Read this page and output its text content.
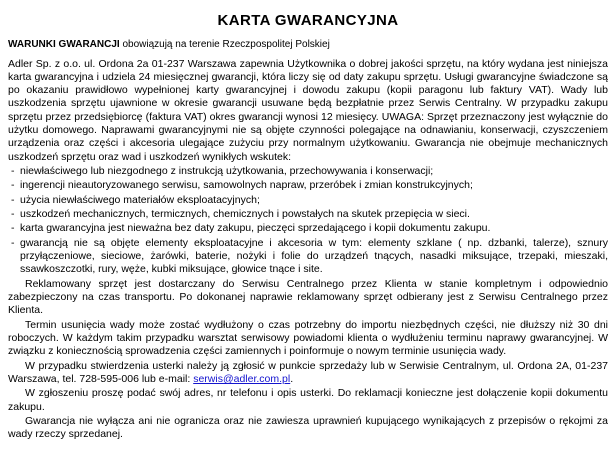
KARTA GWARANCYJNA
WARUNKI GWARANCJI obowiązują na terenie Rzeczpospolitej Polskiej

Adler Sp. z o.o. ul. Ordona 2a 01-237 Warszawa zapewnia Użytkownika o dobrej jakości sprzętu, na który wydana jest niniejsza karta gwarancyjna i udziela 24 miesięcznej gwarancji, która liczy się od daty zakupu sprzętu. Usługi gwarancyjne świadczone są po okazaniu prawidłowo wypełnionej karty gwarancyjnej i dowodu zakupu (kopii paragonu lub faktury VAT). Wady lub uszkodzenia sprzętu ujawnione w okresie gwarancji usuwane będą bezpłatnie przez Serwis Centralny. W przypadku zakupu sprzętu przez przedsiębiorcę (faktura VAT) okres gwarancji wynosi 12 miesięcy. UWAGA: Sprzęt przeznaczony jest wyłącznie do użytku domowego. Naprawami gwarancyjnymi nie są objęte czynności polegające na odnawianiu, konserwacji, czyszczeniem urządzenia oraz części i akcesoria ulegające zużyciu przy normalnym użytkowaniu. Gwarancja nie obejmuje mechanicznych uszkodzeń sprzętu oraz wad i uszkodzeń wynikłych wskutek:

- niewłaściwego lub niezgodnego z instrukcją użytkowania, przechowywania i konserwacji;
- ingerencji nieautoryzowanego serwisu, samowolnych napraw, przeróbek i zmian konstrukcyjnych;
- użycia niewłaściwego materiałów eksploatacyjnych;
- uszkodzeń mechanicznych, termicznych, chemicznych i powstałych na skutek przepięcia w sieci.
- karta gwarancyjna jest nieważna bez daty zakupu, pieczęci sprzedającego i kopii dokumentu zakupu.
- gwarancją nie są objęte elementy eksploatacyjne i akcesoria w tym: elementy szklane ( np. dzbanki, talerze), sznury przyłączeniowe, sieciowe, żarówki, baterie, nożyki i folie do urządzeń tnących, nasadki miksujące, trzepaki, mieszaki, ssawkoszczotki, rury, węże, kubki miksujące, głowice tnące i site.

Reklamowany sprzęt jest dostarczany do Serwisu Centralnego przez Klienta w stanie kompletnym i odpowiednio zabezpieczony na czas transportu. Po dokonanej naprawie reklamowany sprzęt odbierany jest z Serwisu Centralnego przez Klienta.

Termin usunięcia wady może zostać wydłużony o czas potrzebny do importu niezbędnych części, nie dłuższy niż 30 dni roboczych. W każdym takim przypadku warsztat serwisowy powiadomi klienta o wydłużeniu terminu naprawy gwarancyjnej. W związku z koniecznością sprowadzenia części zamiennych i poinformuje o nowym terminie usunięcia wady.

W przypadku stwierdzenia usterki należy ją zgłosić w punkcie sprzedaży lub w Serwisie Centralnym, ul. Ordona 2A, 01-237 Warszawa, tel. 728-595-006 lub e-mail: serwis@adler.com.pl.

W zgłoszeniu proszę podać swój adres, nr telefonu i opis usterki. Do reklamacji konieczne jest dołączenie kopii dokumentu zakupu.

Gwarancja nie wyłącza ani nie ogranicza oraz nie zawiesza uprawnień kupującego wynikających z przepisów o rękojmi za wady rzeczy sprzedanej.
